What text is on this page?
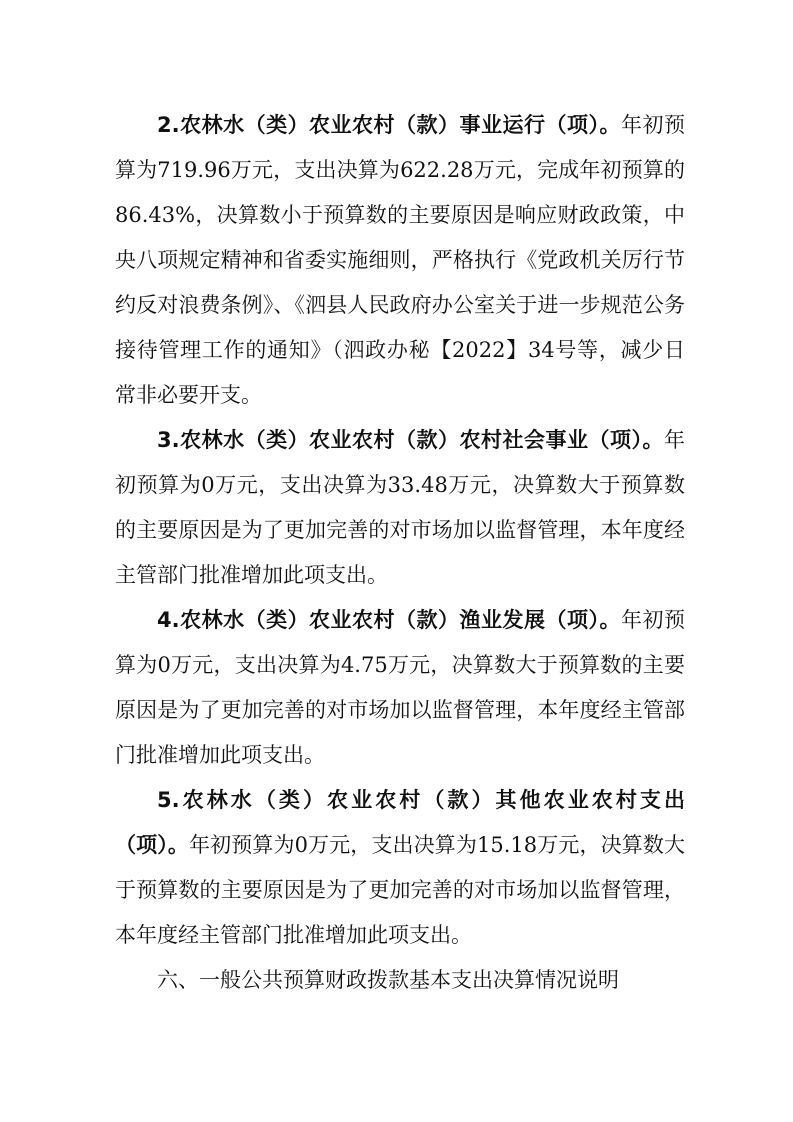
2.农林水（类）农业农村（款）事业运行（项）。年初预算为719.96万元，支出决算为622.28万元，完成年初预算的86.43%，决算数小于预算数的主要原因是响应财政政策，中央八项规定精神和省委实施细则，严格执行《党政机关厉行节约反对浪费条例》、《泗县人民政府办公室关于进一步规范公务接待管理工作的通知》（泗政办秘【2022】34号等，减少日常非必要开支。

3.农林水（类）农业农村（款）农村社会事业（项）。年初预算为0万元，支出决算为33.48万元，决算数大于预算数的主要原因是为了更加完善的对市场加以监督管理，本年度经主管部门批准增加此项支出。

4.农林水（类）农业农村（款）渔业发展（项）。年初预算为0万元，支出决算为4.75万元，决算数大于预算数的主要原因是为了更加完善的对市场加以监督管理，本年度经主管部门批准增加此项支出。

5.农林水（类）农业农村（款）其他农业农村支出（项）。年初预算为0万元，支出决算为15.18万元，决算数大于预算数的主要原因是为了更加完善的对市场加以监督管理，本年度经主管部门批准增加此项支出。

六、一般公共预算财政拨款基本支出决算情况说明
